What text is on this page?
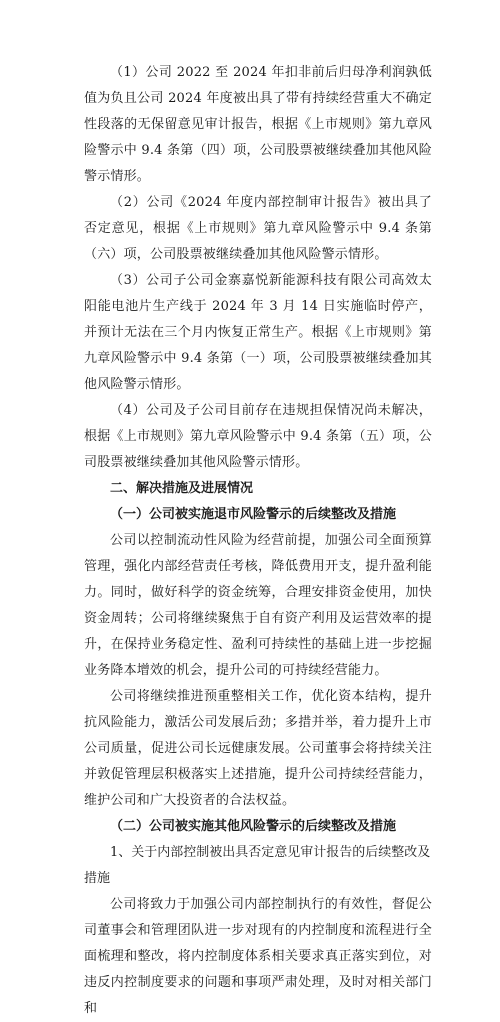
（1）公司 2022 至 2024 年扣非前后归母净利润孰低值为负且公司 2024 年度被出具了带有持续经营重大不确定性段落的无保留意见审计报告，根据《上市规则》第九章风险警示中 9.4 条第（四）项，公司股票被继续叠加其他风险警示情形。

（2）公司《2024 年度内部控制审计报告》被出具了否定意见，根据《上市规则》第九章风险警示中 9.4 条第（六）项，公司股票被继续叠加其他风险警示情形。

（3）公司子公司金寨嘉悦新能源科技有限公司高效太阳能电池片生产线于 2024 年 3 月 14 日实施临时停产，并预计无法在三个月内恢复正常生产。根据《上市规则》第九章风险警示中 9.4 条第（一）项，公司股票被继续叠加其他风险警示情形。

（4）公司及子公司目前存在违规担保情况尚未解决，根据《上市规则》第九章风险警示中 9.4 条第（五）项，公司股票被继续叠加其他风险警示情形。

二、解决措施及进展情况

（一）公司被实施退市风险警示的后续整改及措施

公司以控制流动性风险为经营前提，加强公司全面预算管理，强化内部经营责任考核，降低费用开支，提升盈利能力。同时，做好科学的资金统筹，合理安排资金使用，加快资金周转；公司将继续聚焦于自有资产利用及运营效率的提升，在保持业务稳定性、盈利可持续性的基础上进一步挖掘业务降本增效的机会，提升公司的可持续经营能力。

公司将继续推进预重整相关工作，优化资本结构，提升抗风险能力，激活公司发展后劲；多措并举，着力提升上市公司质量，促进公司长远健康发展。公司董事会将持续关注并敦促管理层积极落实上述措施，提升公司持续经营能力，维护公司和广大投资者的合法权益。

（二）公司被实施其他风险警示的后续整改及措施

1、关于内部控制被出具否定意见审计报告的后续整改及措施

公司将致力于加强公司内部控制执行的有效性，督促公司董事会和管理团队进一步对现有的内控制度和流程进行全面梳理和整改，将内控制度体系相关要求真正落实到位，对违反内控制度要求的问题和事项严肃处理，及时对相关部门和
